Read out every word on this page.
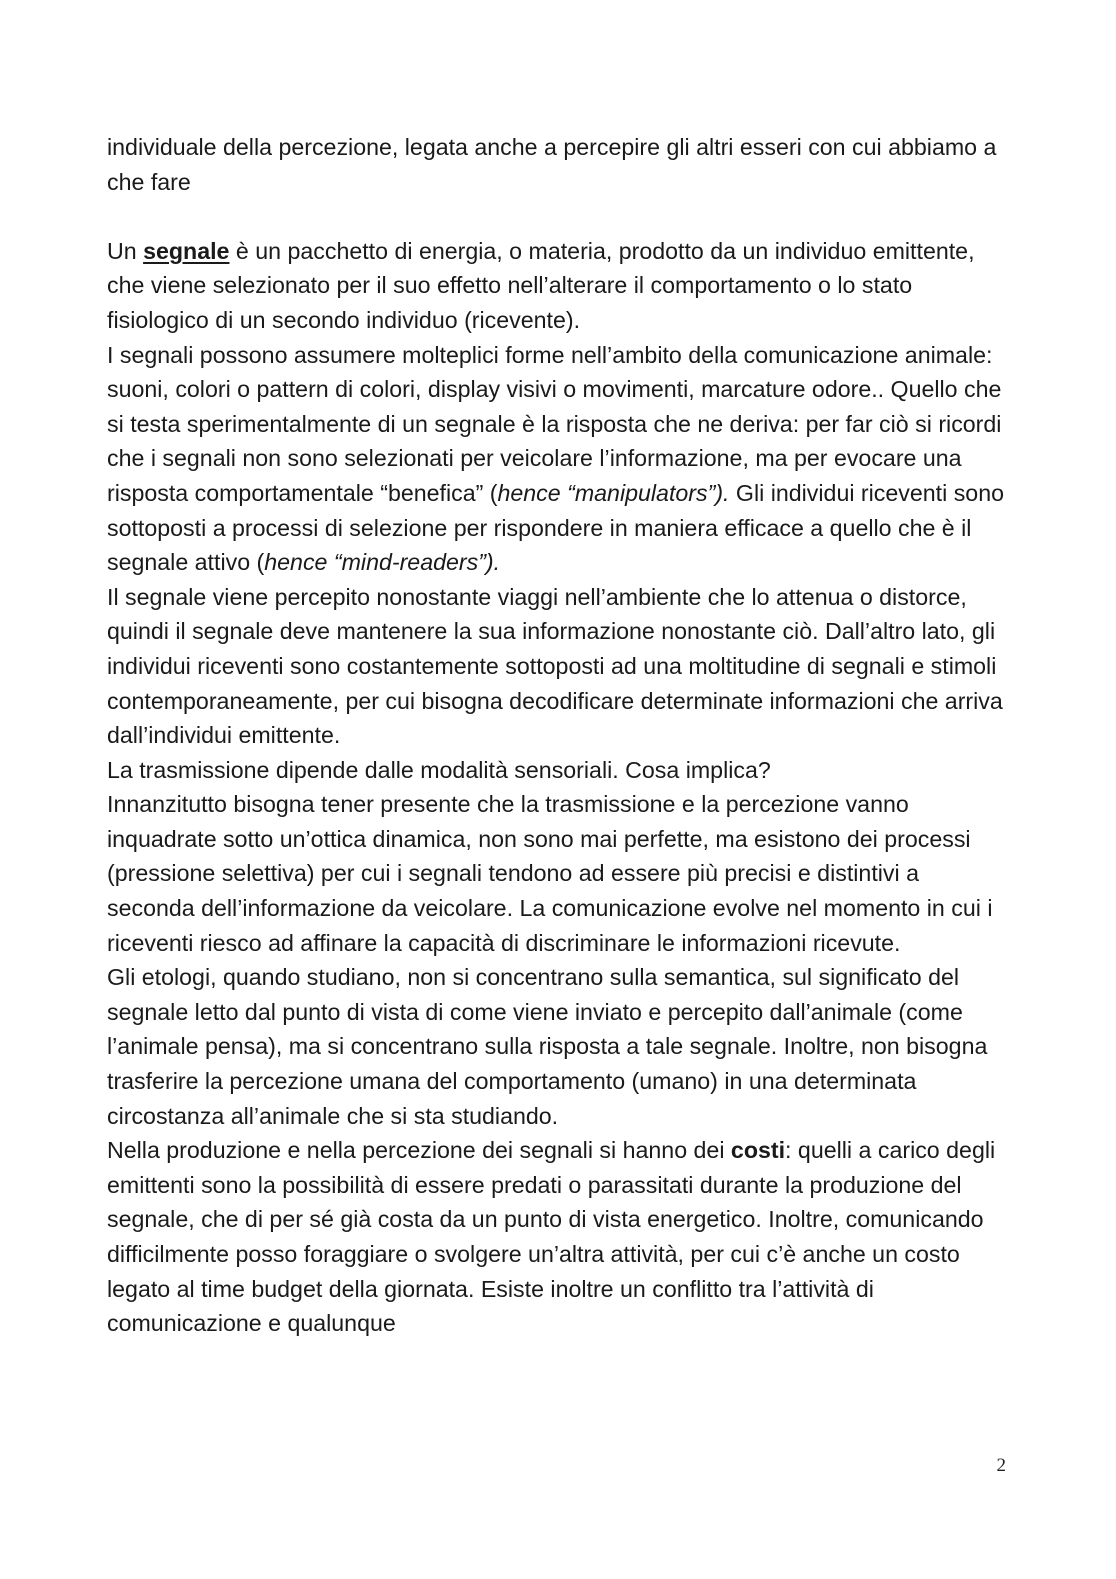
individuale della percezione, legata anche a percepire gli altri esseri con cui abbiamo a che fare

Un segnale è un pacchetto di energia, o materia, prodotto da un individuo emittente, che viene selezionato per il suo effetto nell’alterare il comportamento o lo stato fisiologico di un secondo individuo (ricevente).

I segnali possono assumere molteplici forme nell’ambito della comunicazione animale: suoni, colori o pattern di colori, display visivi o movimenti, marcature odore.. Quello che si testa sperimentalmente di un segnale è la risposta che ne deriva: per far ciò si ricordi che i segnali non sono selezionati per veicolare l’informazione, ma per evocare una risposta comportamentale “benefica” (hence “manipulators”). Gli individui riceventi sono sottoposti a processi di selezione per rispondere in maniera efficace a quello che è il segnale attivo (hence “mind-readers”).

Il segnale viene percepito nonostante viaggi nell’ambiente che lo attenua o distorce, quindi il segnale deve mantenere la sua informazione nonostante ciò. Dall’altro lato, gli individui riceventi sono costantemente sottoposti ad una moltitudine di segnali e stimoli contemporaneamente, per cui bisogna decodificare determinate informazioni che arriva dall’individui emittente.

La trasmissione dipende dalle modalità sensoriali. Cosa implica?

Innanzitutto bisogna tener presente che la trasmissione e la percezione vanno inquadrate sotto un’ottica dinamica, non sono mai perfette, ma esistono dei processi (pressione selettiva) per cui i segnali tendono ad essere più precisi e distintivi a seconda dell’informazione da veicolare. La comunicazione evolve nel momento in cui i riceventi riesco ad affinare la capacità di discriminare le informazioni ricevute.

Gli etologi, quando studiano, non si concentrano sulla semantica, sul significato del segnale letto dal punto di vista di come viene inviato e percepito dall’animale (come l’animale pensa), ma si concentrano sulla risposta a tale segnale. Inoltre, non bisogna trasferire la percezione umana del comportamento (umano) in una determinata circostanza all’animale che si sta studiando.

Nella produzione e nella percezione dei segnali si hanno dei costi: quelli a carico degli emittenti sono la possibilità di essere predati o parassitati durante la produzione del segnale, che di per sé già costa da un punto di vista energetico. Inoltre, comunicando difficilmente posso foraggiare o svolgere un’altra attività, per cui c’è anche un costo legato al time budget della giornata. Esiste inoltre un conflitto tra l’attività di comunicazione e qualunque

2
